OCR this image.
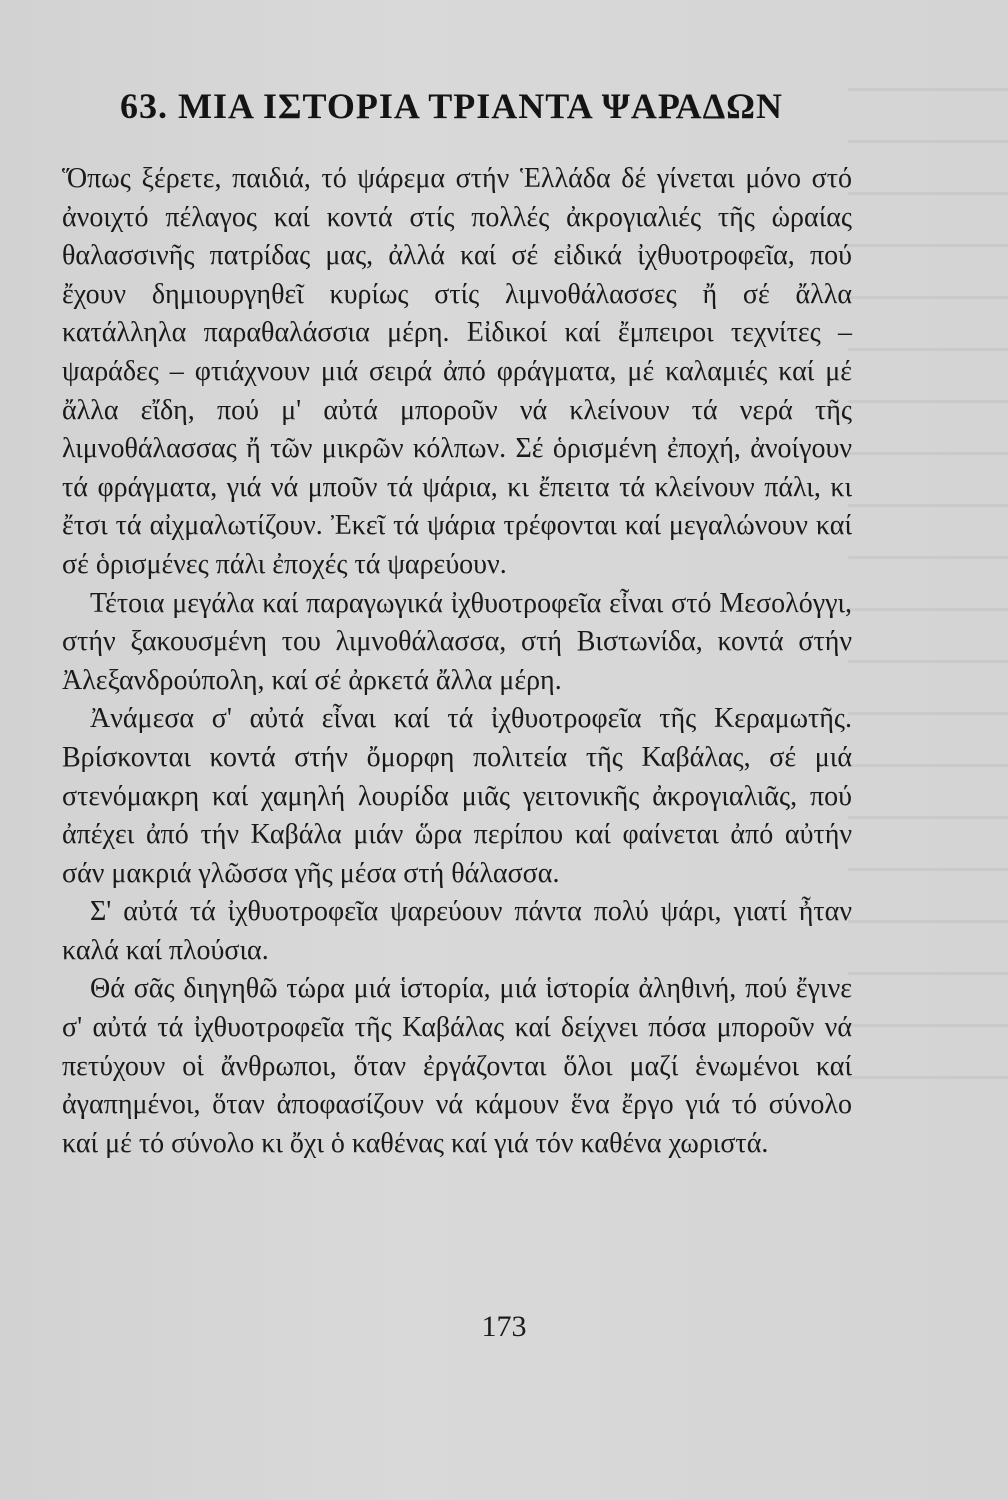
63. ΜΙΑ ΙΣΤΟΡΙΑ ΤΡΙΑΝΤΑ ΨΑΡΑΔΩΝ

Ὅπως ξέρετε, παιδιά, τό ψάρεμα στήν Ἑλλάδα δέ γίνεται μόνο στό ἀνοιχτό πέλαγος καί κοντά στίς πολλές ἀκρογιαλιές τῆς ὡραίας θαλασσινῆς πατρίδας μας, ἀλλά καί σέ εἰδικά ἰχθυοτροφεῖα, πού ἔχουν δημιουργηθεῖ κυρίως στίς λιμνοθάλασσες ἤ σέ ἄλλα κατάλληλα παραθαλάσσια μέρη. Εἰδικοί καί ἔμπειροι τεχνίτες – ψαράδες – φτιάχνουν μιά σειρά ἀπό φράγματα, μέ καλαμιές καί μέ ἄλλα εἴδη, πού μ' αὐτά μποροῦν νά κλείνουν τά νερά τῆς λιμνοθάλασσας ἤ τῶν μικρῶν κόλπων. Σέ ὁρισμένη ἐποχή, ἀνοίγουν τά φράγματα, γιά νά μποῦν τά ψάρια, κι ἔπειτα τά κλείνουν πάλι, κι ἔτσι τά αἰχμαλωτίζουν. Ἐκεῖ τά ψάρια τρέφονται καί μεγαλώνουν καί σέ ὁρισμένες πάλι ἐποχές τά ψαρεύουν.

Τέτοια μεγάλα καί παραγωγικά ἰχθυοτροφεῖα εἶναι στό Μεσολόγγι, στήν ξακουσμένη του λιμνοθάλασσα, στή Βιστωνίδα, κοντά στήν Ἀλεξανδρούπολη, καί σέ ἀρκετά ἄλλα μέρη.

Ἀνάμεσα σ' αὐτά εἶναι καί τά ἰχθυοτροφεῖα τῆς Κεραμωτῆς. Βρίσκονται κοντά στήν ὄμορφη πολιτεία τῆς Καβάλας, σέ μιά στενόμακρη καί χαμηλή λουρίδα μιᾶς γειτονικῆς ἀκρογιαλιᾶς, πού ἀπέχει ἀπό τήν Καβάλα μιάν ὥρα περίπου καί φαίνεται ἀπό αὐτήν σάν μακριά γλῶσσα γῆς μέσα στή θάλασσα.

Σ' αὐτά τά ἰχθυοτροφεῖα ψαρεύουν πάντα πολύ ψάρι, γιατί ἦταν καλά καί πλούσια.

Θά σᾶς διηγηθῶ τώρα μιά ἱστορία, μιά ἱστορία ἀληθινή, πού ἔγινε σ' αὐτά τά ἰχθυοτροφεῖα τῆς Καβάλας καί δείχνει πόσα μποροῦν νά πετύχουν οἱ ἄνθρωποι, ὅταν ἐργάζονται ὅλοι μαζί ἑνωμένοι καί ἀγαπημένοι, ὅταν ἀποφασίζουν νά κάμουν ἕνα ἔργο γιά τό σύνολο καί μέ τό σύνολο κι ὄχι ὁ καθένας καί γιά τόν καθένα χωριστά.

173
